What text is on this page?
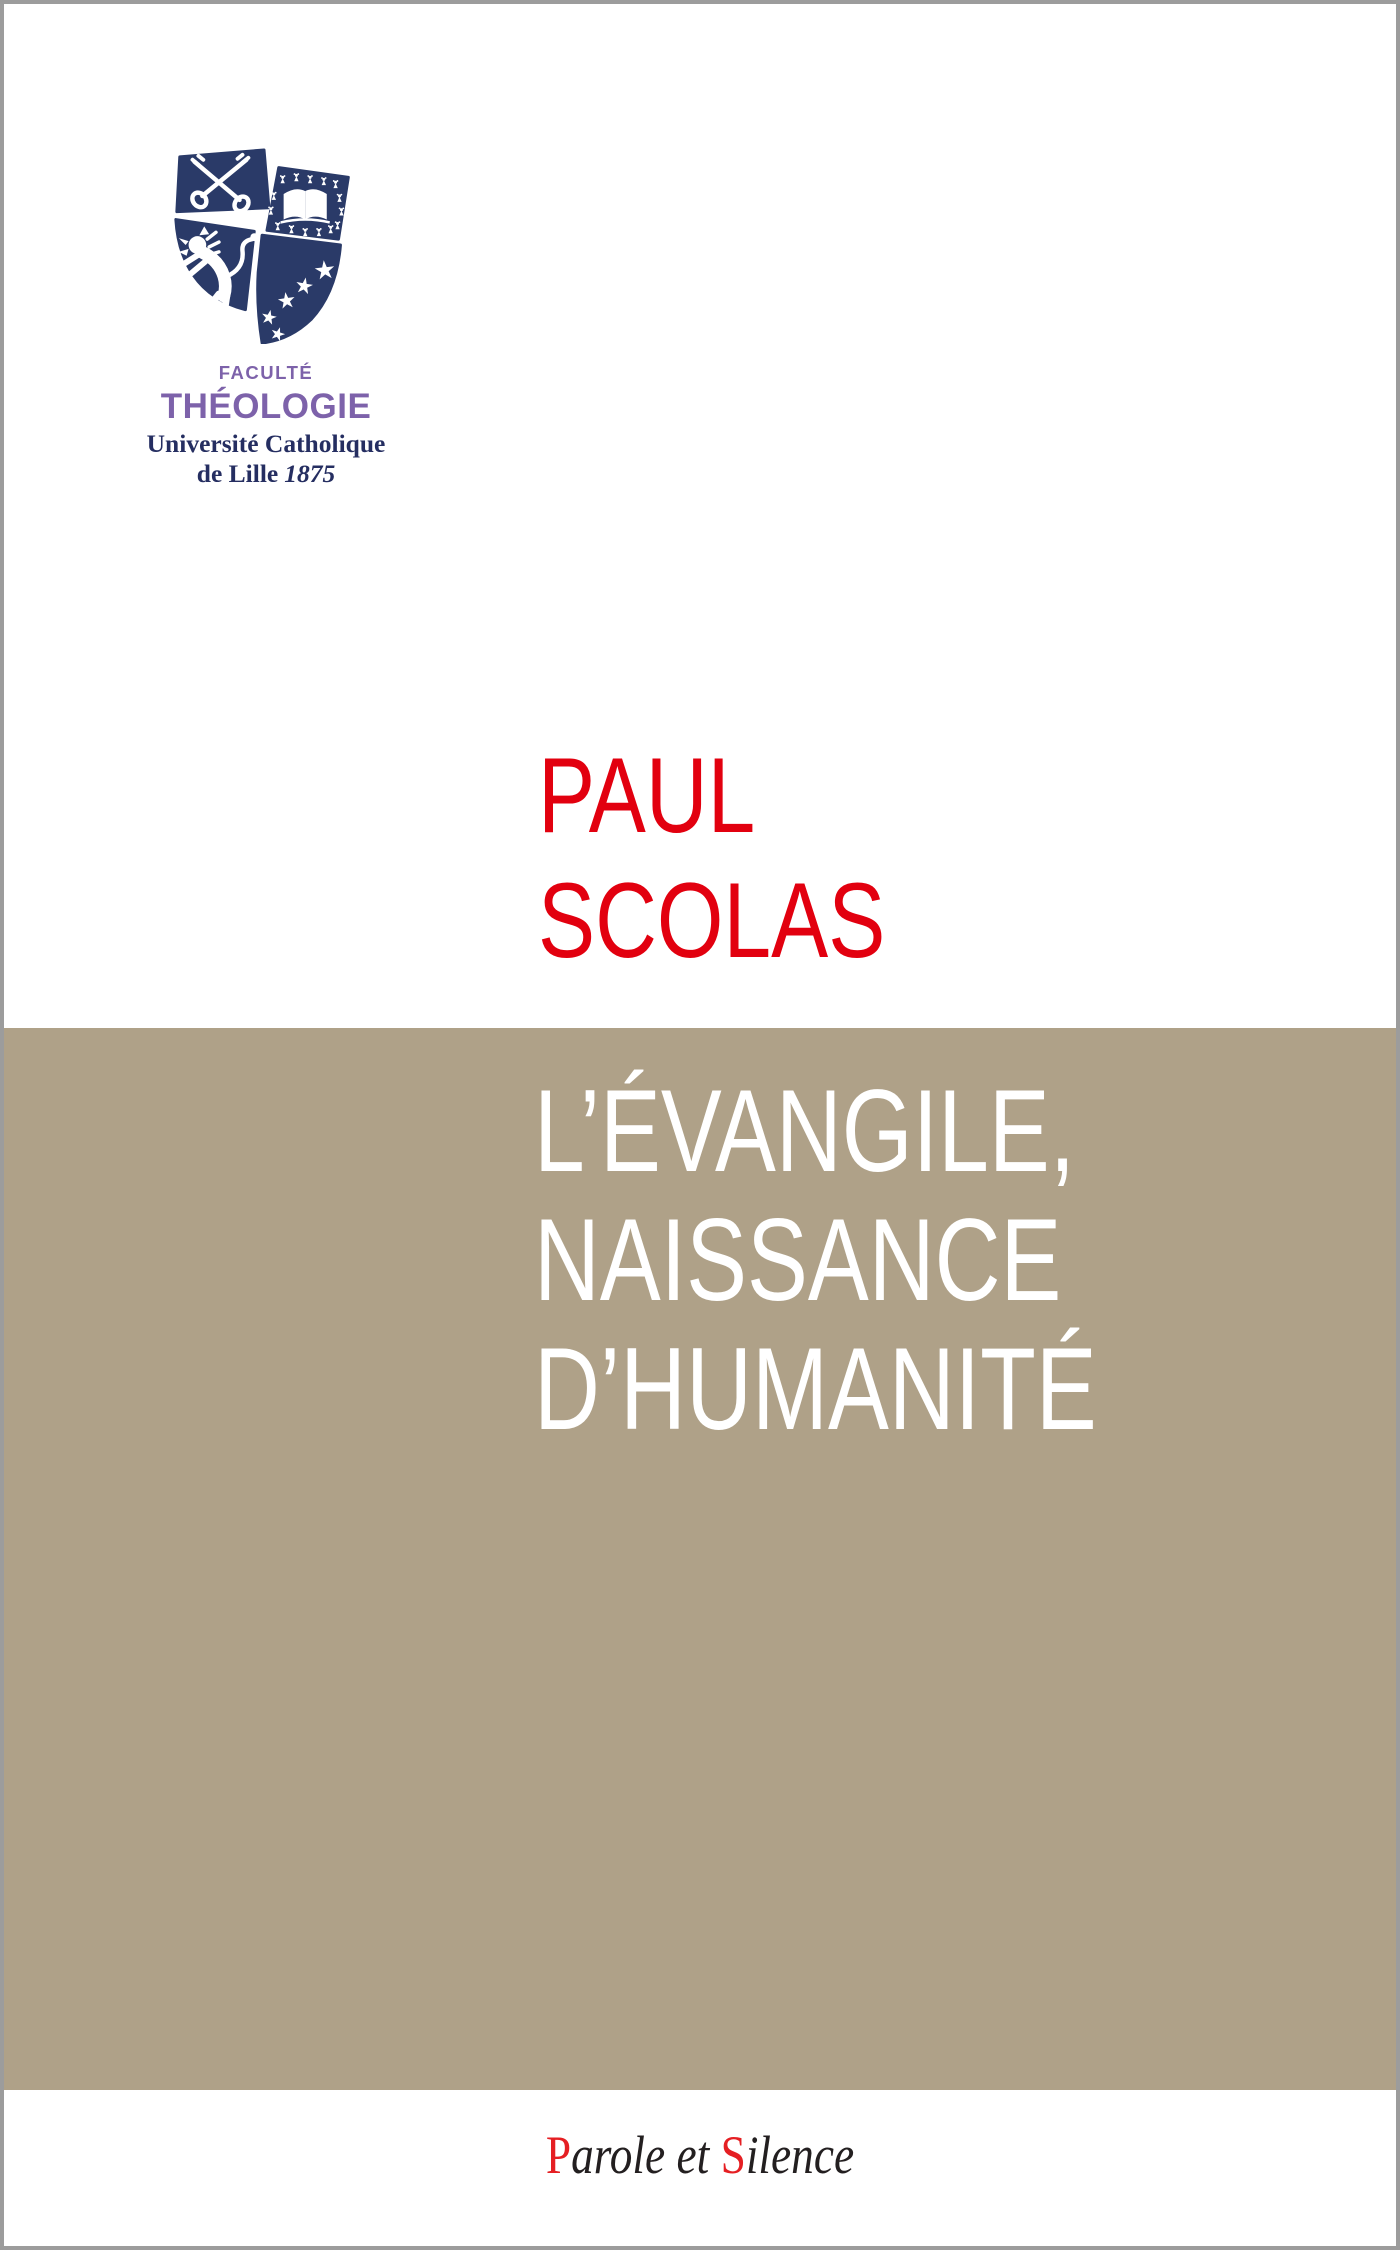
FACULTÉ
THÉOLOGIE
Université Catholique
de Lille 1875
PAUL
SCOLAS
L’ÉVANGILE,
NAISSANCE
D’HUMANITÉ
Parole et Silence
